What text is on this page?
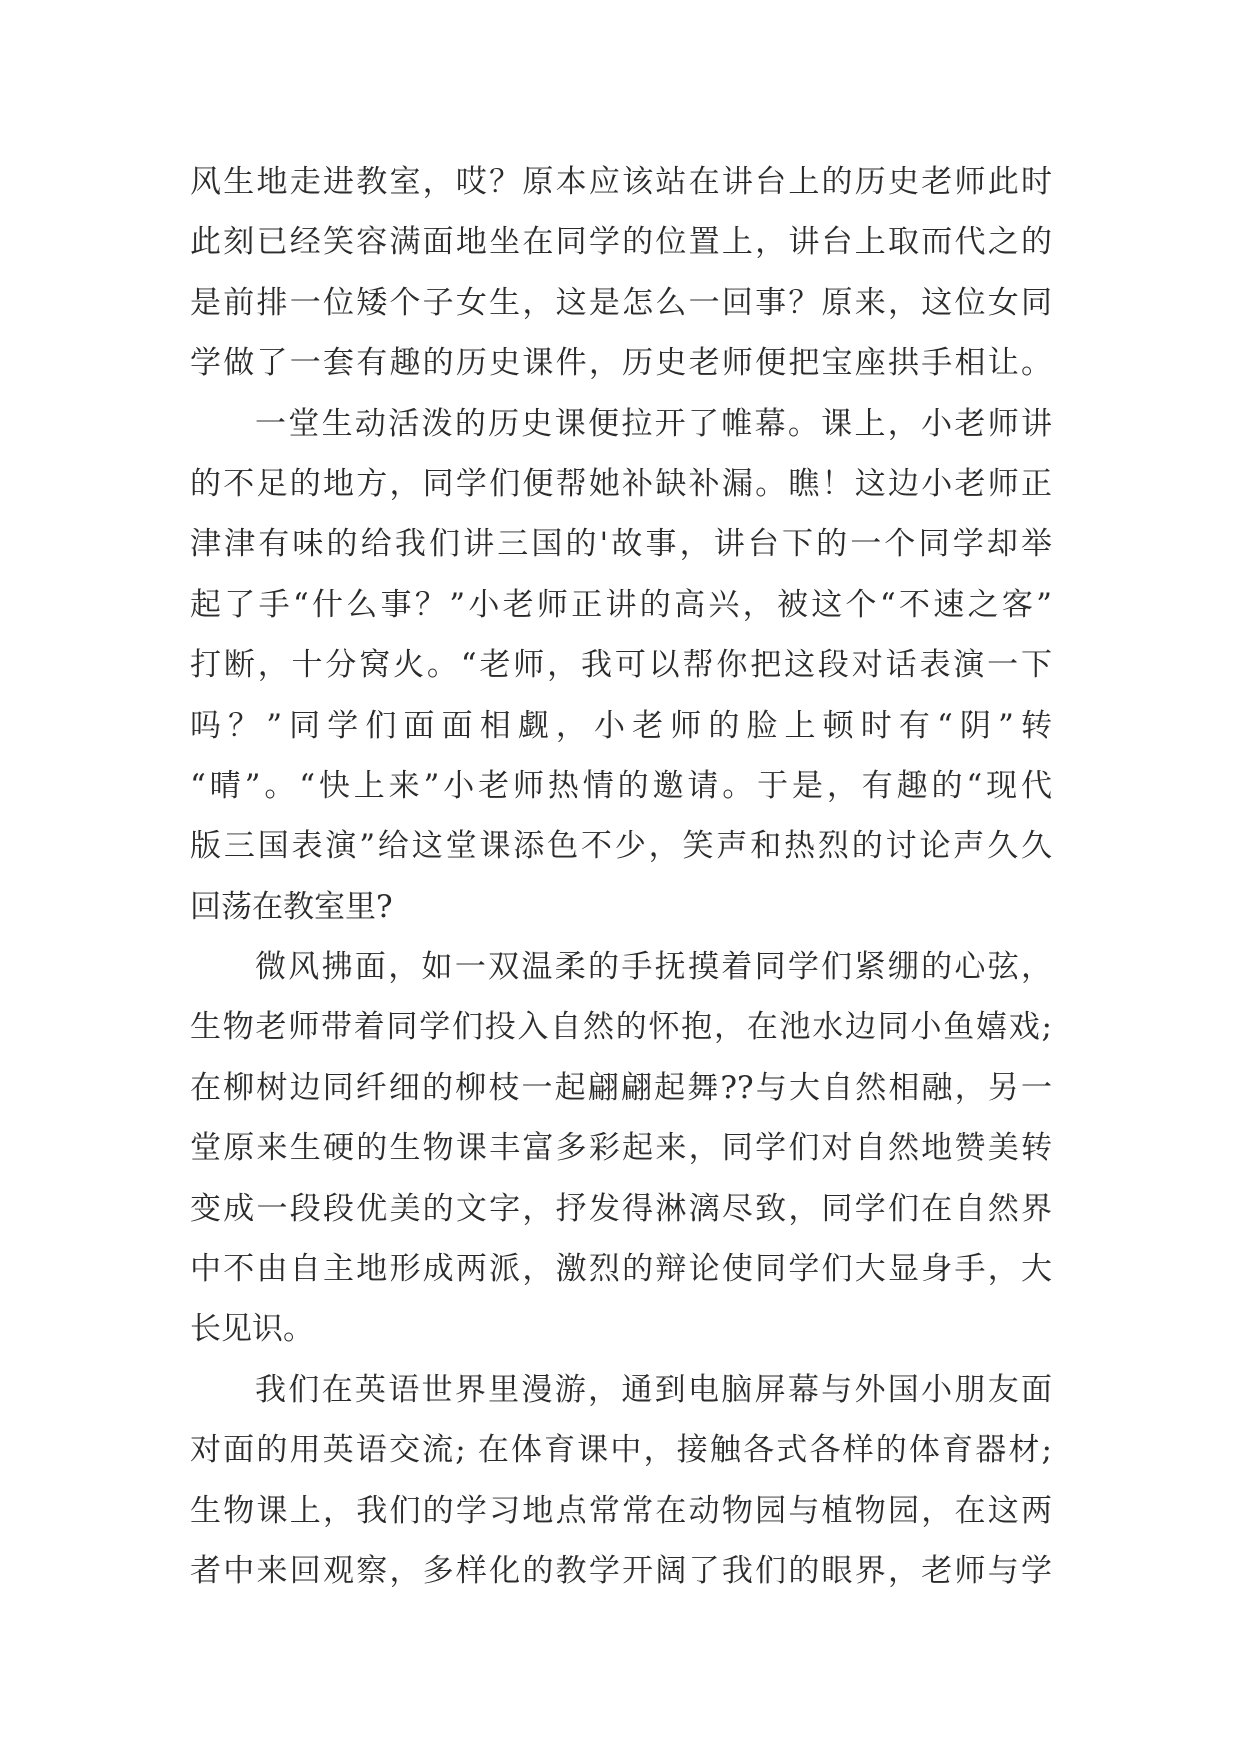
风生地走进教室，哎？原本应该站在讲台上的历史老师此时
此刻已经笑容满面地坐在同学的位置上，讲台上取而代之的
是前排一位矮个子女生，这是怎么一回事？原来，这位女同
学做了一套有趣的历史课件，历史老师便把宝座拱手相让。
一堂生动活泼的历史课便拉开了帷幕。课上，小老师讲
的不足的地方，同学们便帮她补缺补漏。瞧！这边小老师正
津津有味的给我们讲三国的'故事，讲台下的一个同学却举
起了手“什么事？”小老师正讲的高兴，被这个“不速之客”
打断，十分窝火。“老师，我可以帮你把这段对话表演一下
吗？”同学们面面相觑，小老师的脸上顿时有“阴”转
“晴”。“快上来”小老师热情的邀请。于是，有趣的“现代
版三国表演”给这堂课添色不少，笑声和热烈的讨论声久久
回荡在教室里?
微风拂面，如一双温柔的手抚摸着同学们紧绷的心弦，
生物老师带着同学们投入自然的怀抱，在池水边同小鱼嬉戏;
在柳树边同纤细的柳枝一起翩翩起舞??与大自然相融，另一
堂原来生硬的生物课丰富多彩起来，同学们对自然地赞美转
变成一段段优美的文字，抒发得淋漓尽致，同学们在自然界
中不由自主地形成两派，激烈的辩论使同学们大显身手，大
长见识。
我们在英语世界里漫游，通到电脑屏幕与外国小朋友面
对面的用英语交流; 在体育课中，接触各式各样的体育器材;
生物课上，我们的学习地点常常在动物园与植物园，在这两
者中来回观察，多样化的教学开阔了我们的眼界，老师与学
